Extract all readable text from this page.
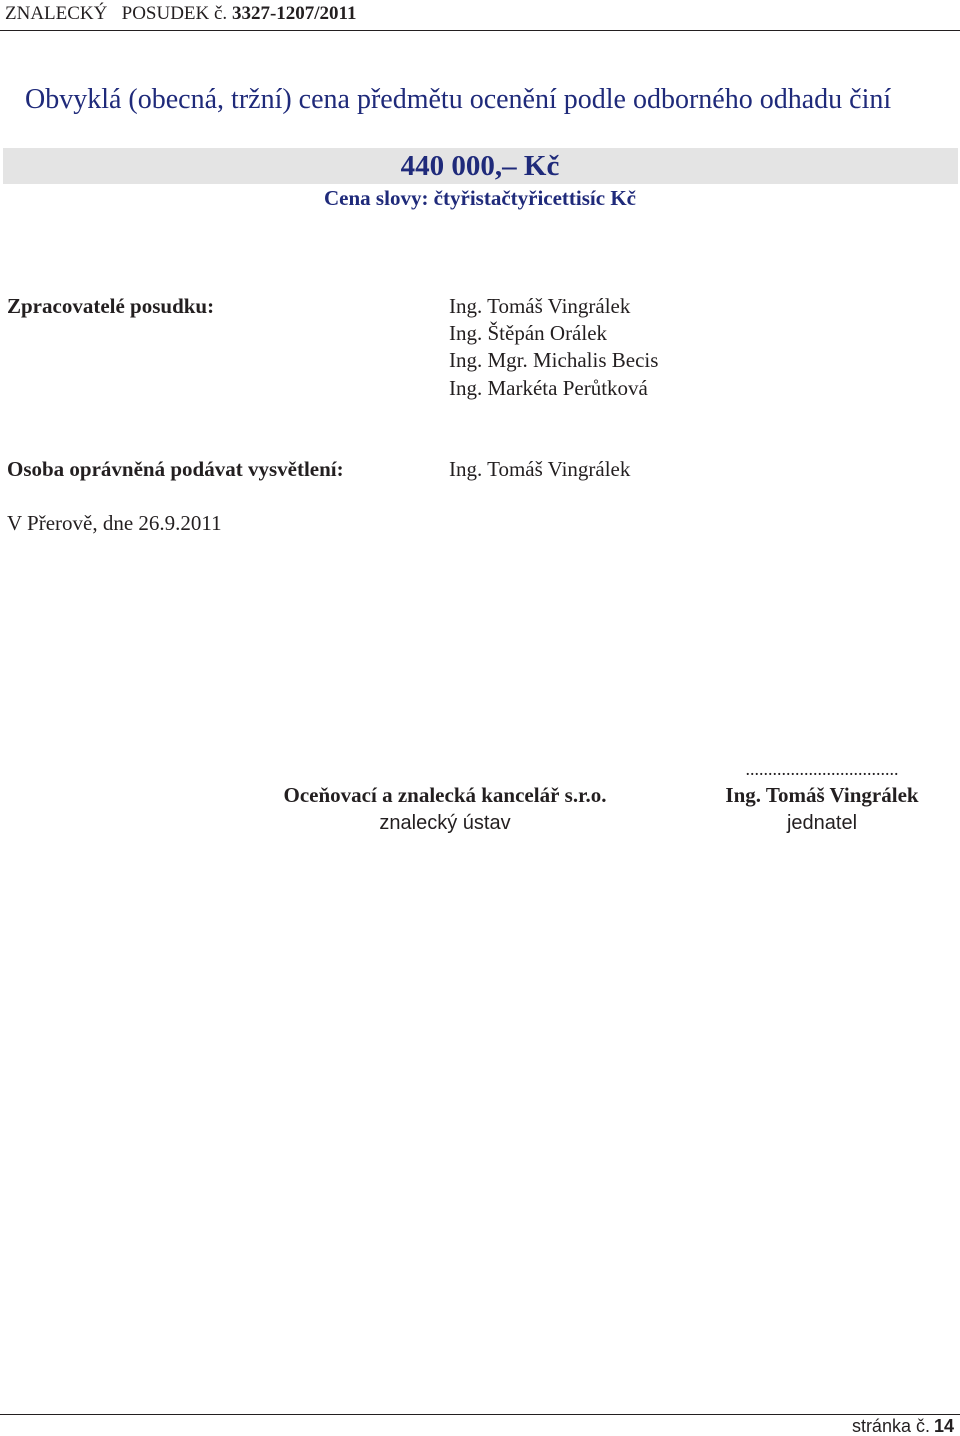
ZNALECKÝ   POSUDEK č. 3327-1207/2011
Obvyklá (obecná, tržní) cena předmětu ocenění podle odborného odhadu činí
440 000,– Kč
Cena slovy: čtyřistačtyřicettisíc Kč
Zpracovatelé posudku:	Ing. Tomáš Vingrálek
Ing. Štěpán Orálek
Ing. Mgr. Michalis Becis
Ing. Markéta Perůtková
Osoba oprávněná podávat vysvětlení:	Ing. Tomáš Vingrálek
V Přerově, dne 26.9.2011
Oceňovací a znalecká kancelář s.r.o.
znalecký ústav
..................................
Ing. Tomáš Vingrálek
jednatel
stránka č. 14
